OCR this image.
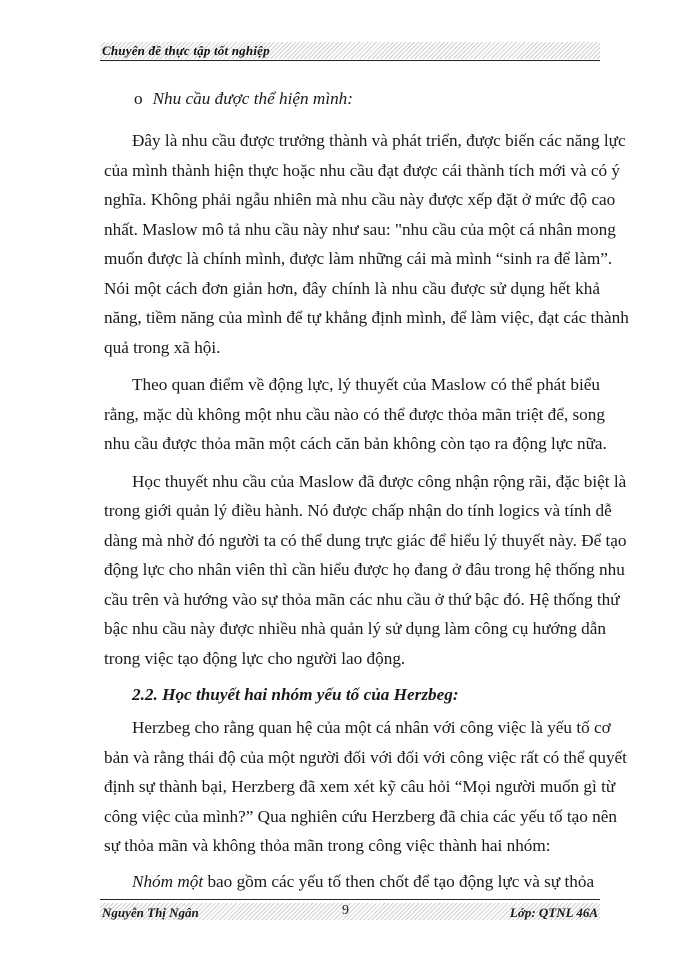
Chuyên đề thực tập tốt nghiệp
o Nhu cầu được thể hiện mình:
Đây là nhu cầu được trưởng thành và phát triển, được biến các năng lực
của mình thành hiện thực hoặc nhu cầu đạt được cái thành tích mới và có ý
nghĩa. Không phải ngẫu nhiên mà nhu cầu này được xếp đặt ở mức độ cao
nhất. Maslow mô tả nhu cầu này như sau: "nhu cầu của một cá nhân mong
muốn được là chính mình, được làm những cái mà mình “sinh ra để làm”.
Nói một cách đơn giản hơn, đây chính là nhu cầu được sử dụng hết khả
năng, tiềm năng của mình để tự khẳng định mình, để làm việc, đạt các thành
quả trong xã hội.
Theo quan điểm về động lực, lý thuyết của Maslow có thể phát biểu
rằng, mặc dù không một nhu cầu nào có thể được thỏa mãn triệt để, song
nhu cầu được thỏa mãn một cách căn bản không còn tạo ra động lực nữa.
Học thuyết nhu cầu của Maslow đã được công nhận rộng rãi, đặc biệt là
trong giới quản lý điều hành. Nó được chấp nhận do tính logics và tính dễ
dàng mà nhờ đó người ta có thể dung trực giác để hiểu lý thuyết này. Để tạo
động lực cho nhân viên thì cần hiểu được họ đang ở đâu trong hệ thống nhu
cầu trên và hướng vào sự thỏa mãn các nhu cầu ở thứ bậc đó. Hệ thống thứ
bậc nhu cầu này được nhiều nhà quản lý sử dụng làm công cụ hướng dẫn
trong việc tạo động lực cho người lao động.
2.2. Học thuyết hai nhóm yếu tố của Herzbeg:
Herzbeg cho rằng quan hệ của một cá nhân với công việc là yếu tố cơ
bản và rằng thái độ của một người đối với đối với công việc rất có thể quyết
định sự thành bại, Herzberg đã xem xét kỹ câu hỏi “Mọi người muốn gì từ
công việc của mình?” Qua nghiên cứu Herzberg đã chia các yếu tố tạo nên
sự thỏa mãn và không thỏa mãn trong công việc thành hai nhóm:
Nhóm một bao gồm các yếu tố then chốt để tạo động lực và sự thỏa
Nguyễn Thị Ngân	9	Lớp: QTNL 46A
